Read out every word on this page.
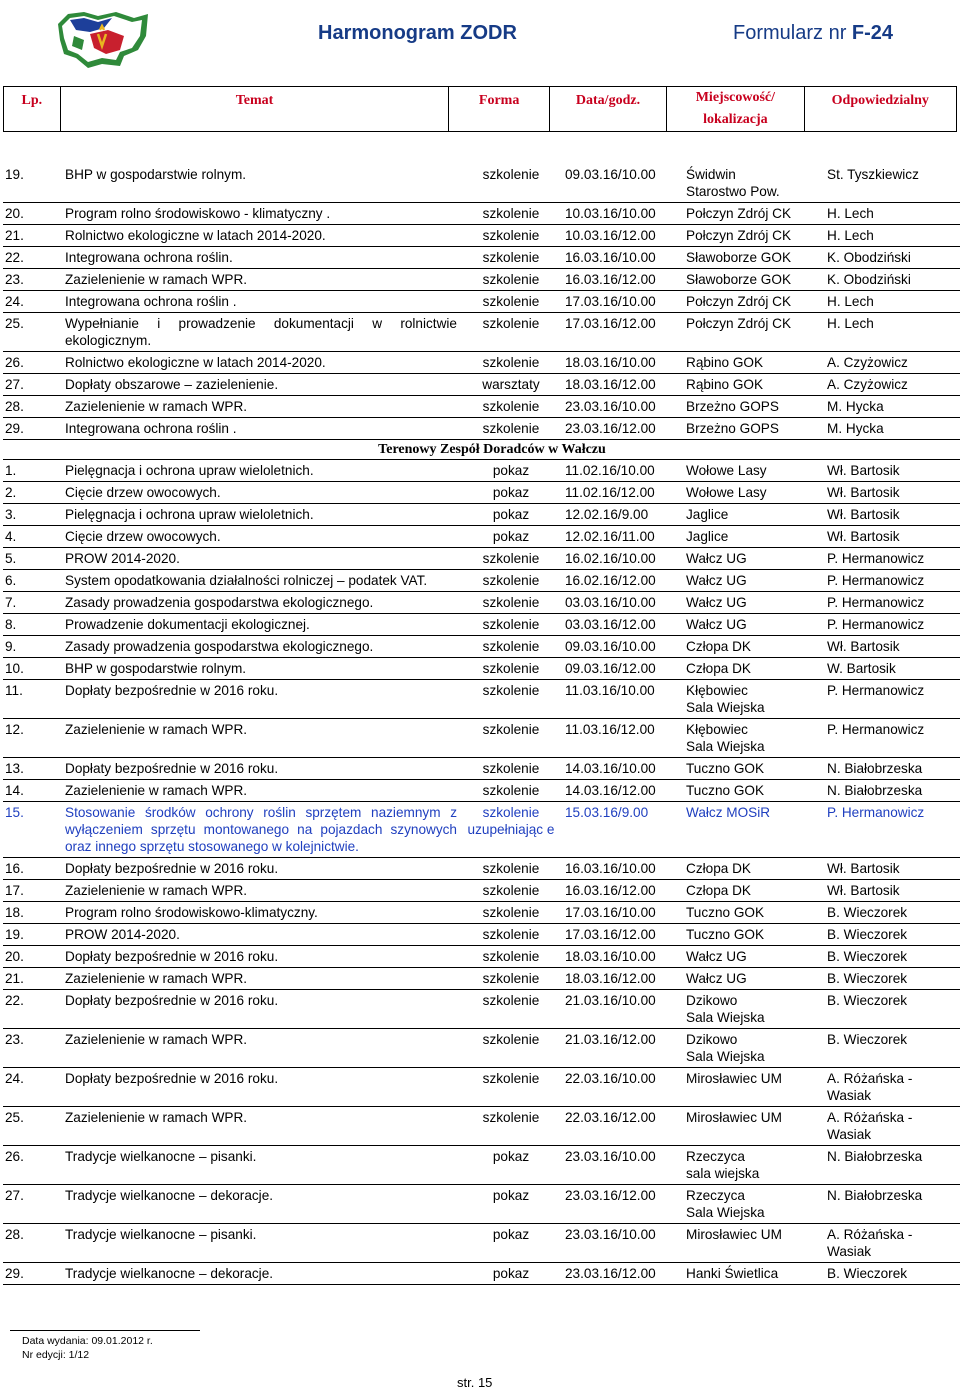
Harmonogram ZODR	Formularz nr F-24
Lp.	Temat	Forma	Data/godz.	Miejscowość/ lokalizacja	Odpowiedzialny
19.	BHP w gospodarstwie rolnym.	szkolenie	09.03.16/10.00	Świdwin
Starostwo Pow.	St. Tyszkiewicz
20.	Program rolno środowiskowo - klimatyczny .	szkolenie	10.03.16/10.00	Połczyn Zdrój CK	H. Lech
21.	Rolnictwo ekologiczne w latach 2014-2020.	szkolenie	10.03.16/12.00	Połczyn Zdrój CK	H. Lech
22.	Integrowana ochrona roślin.	szkolenie	16.03.16/10.00	Sławoborze GOK	K. Obodziński
23.	Zazielenienie w ramach WPR.	szkolenie	16.03.16/12.00	Sławoborze GOK	K. Obodziński
24.	Integrowana ochrona roślin .	szkolenie	17.03.16/10.00	Połczyn Zdrój CK	H. Lech
25.	Wypełnianie i prowadzenie dokumentacji w rolnictwie ekologicznym.	szkolenie	17.03.16/12.00	Połczyn Zdrój CK	H. Lech
26.	Rolnictwo ekologiczne w latach 2014-2020.	szkolenie	18.03.16/10.00	Rąbino GOK	A. Czyżowicz
27.	Dopłaty obszarowe – zazielenienie.	warsztaty	18.03.16/12.00	Rąbino GOK	A. Czyżowicz
28.	Zazielenienie w ramach WPR.	szkolenie	23.03.16/10.00	Brzeżno GOPS	M. Hycka
29.	Integrowana ochrona roślin .	szkolenie	23.03.16/12.00	Brzeżno GOPS	M. Hycka
Terenowy Zespół Doradców w Wałczu					
1.	Pielęgnacja i ochrona upraw wieloletnich.	pokaz	11.02.16/10.00	Wołowe Lasy	Wł. Bartosik
2.	Cięcie drzew owocowych.	pokaz	11.02.16/12.00	Wołowe Lasy	Wł. Bartosik
3.	Pielęgnacja i ochrona upraw wieloletnich.	pokaz	12.02.16/9.00	Jaglice	Wł. Bartosik
4.	Cięcie drzew owocowych.	pokaz	12.02.16/11.00	Jaglice	Wł. Bartosik
5.	PROW 2014-2020.	szkolenie	16.02.16/10.00	Wałcz UG	P. Hermanowicz
6.	System opodatkowania działalności rolniczej – podatek VAT.	szkolenie	16.02.16/12.00	Wałcz UG	P. Hermanowicz
7.	Zasady prowadzenia gospodarstwa ekologicznego.	szkolenie	03.03.16/10.00	Wałcz UG	P. Hermanowicz
8.	Prowadzenie dokumentacji ekologicznej.	szkolenie	03.03.16/12.00	Wałcz UG	P. Hermanowicz
9.	Zasady prowadzenia gospodarstwa ekologicznego.	szkolenie	09.03.16/10.00	Człopa DK	Wł. Bartosik
10.	BHP w gospodarstwie rolnym.	szkolenie	09.03.16/12.00	Człopa DK	W. Bartosik
11.	Dopłaty bezpośrednie w 2016 roku.	szkolenie	11.03.16/10.00	Kłębowiec
Sala Wiejska	P. Hermanowicz
12.	Zazielenienie w ramach WPR.	szkolenie	11.03.16/12.00	Kłębowiec
Sala Wiejska	P. Hermanowicz
13.	Dopłaty bezpośrednie w 2016 roku.	szkolenie	14.03.16/10.00	Tuczno GOK	N. Białobrzeska
14.	Zazielenienie w ramach WPR.	szkolenie	14.03.16/12.00	Tuczno GOK	N. Białobrzeska
15.	Stosowanie środków ochrony roślin sprzętem naziemnym z wyłączeniem sprzętu montowanego na pojazdach szynowych oraz innego sprzętu stosowanego w kolejnictwie.	szkolenie uzupełniając e	15.03.16/9.00	Wałcz MOSiR	P. Hermanowicz
16.	Dopłaty bezpośrednie w 2016 roku.	szkolenie	16.03.16/10.00	Człopa DK	Wł. Bartosik
17.	Zazielenienie w ramach WPR.	szkolenie	16.03.16/12.00	Człopa DK	Wł. Bartosik
18.	Program rolno środowiskowo-klimatyczny.	szkolenie	17.03.16/10.00	Tuczno GOK	B. Wieczorek
19.	PROW 2014-2020.	szkolenie	17.03.16/12.00	Tuczno GOK	B. Wieczorek
20.	Dopłaty bezpośrednie w 2016 roku.	szkolenie	18.03.16/10.00	Wałcz UG	B. Wieczorek
21.	Zazielenienie w ramach WPR.	szkolenie	18.03.16/12.00	Wałcz UG	B. Wieczorek
22.	Dopłaty bezpośrednie w 2016 roku.	szkolenie	21.03.16/10.00	Dzikowo
Sala Wiejska	B. Wieczorek
23.	Zazielenienie w ramach WPR.	szkolenie	21.03.16/12.00	Dzikowo
Sala Wiejska	B. Wieczorek
24.	Dopłaty bezpośrednie w 2016 roku.	szkolenie	22.03.16/10.00	Mirosławiec UM	A. Różańska -
Wasiak
25.	Zazielenienie w ramach WPR.	szkolenie	22.03.16/12.00	Mirosławiec UM	A. Różańska -
Wasiak
26.	Tradycje wielkanocne – pisanki.	pokaz	23.03.16/10.00	Rzeczyca
sala wiejska	N. Białobrzeska
27.	Tradycje wielkanocne – dekoracje.	pokaz	23.03.16/12.00	Rzeczyca
Sala Wiejska	N. Białobrzeska
28.	Tradycje wielkanocne – pisanki.	pokaz	23.03.16/10.00	Mirosławiec UM	A. Różańska -
Wasiak
29.	Tradycje wielkanocne – dekoracje.	pokaz	23.03.16/12.00	Hanki Świetlica	B. Wieczorek
Data wydania: 09.01.2012 r.
Nr edycji: 1/12
str. 15
